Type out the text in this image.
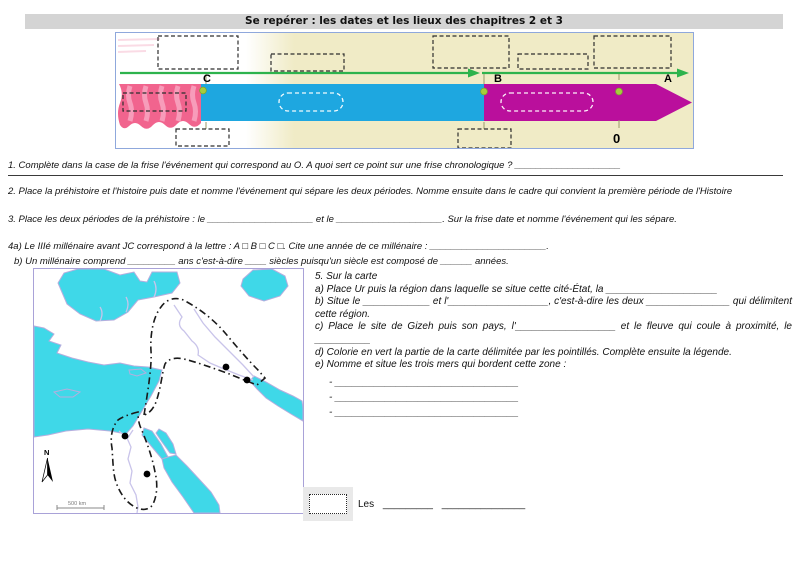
Se repérer : les dates et les lieux des chapitres 2 et 3
C	B	A
0

1. Complète dans la case de la frise l'événement qui correspond au O. A quoi sert ce point sur une frise chronologique ? ____________________

2. Place la préhistoire et l'histoire puis date et nomme l'événement qui sépare les deux périodes. Nomme ensuite dans le cadre qui convient la première période de l'Histoire

3. Place les deux périodes de la préhistoire : le ____________________ et le ____________________. Sur la frise date et nomme l'événement qui les sépare.

4a) Le IIIé millénaire avant JC correspond à la lettre : A □ B □ C □. Cite une année de ce millénaire : ______________________.

b) Un millénaire comprend _________ ans c'est-à-dire ____ siècles puisqu'un siècle est composé de ______ années.

N
500 km

5. Sur la carte

a) Place Ur puis la région dans laquelle se situe cette cité-État, la ____________________

b) Situe le ____________ et l'__________________, c'est-à-dire les deux _______________ qui délimitent cette région.

c) Place le site de Gizeh puis son pays, l'__________________ et le fleuve qui coule à proximité, le __________

d) Colorie en vert la partie de la carte délimitée par les pointillés. Complète ensuite la légende.

e) Nomme et situe les trois mers qui bordent cette zone :

- _________________________________
- _________________________________
- _________________________________
Les _________ _______________
